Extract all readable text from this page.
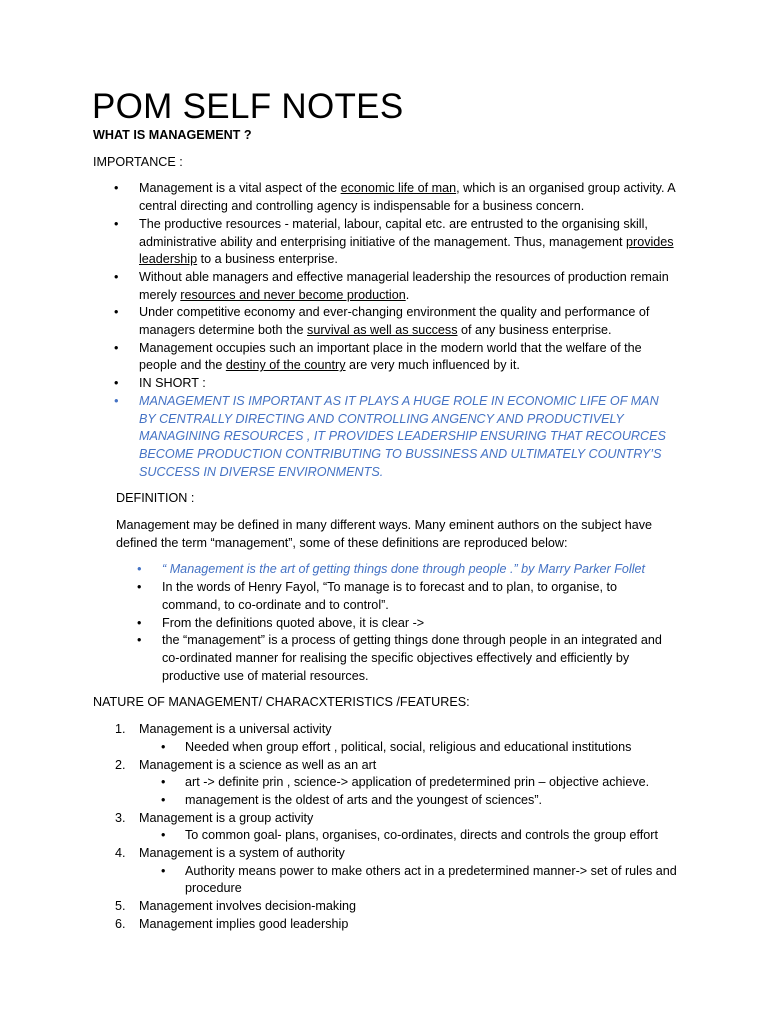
POM SELF NOTES

WHAT IS MANAGEMENT ?

IMPORTANCE :

• Management is a vital aspect of the economic life of man, which is an organised group activity. A central directing and controlling agency is indispensable for a business concern.
• The productive resources - material, labour, capital etc. are entrusted to the organising skill, administrative ability and enterprising initiative of the management. Thus, management provides leadership to a business enterprise.
• Without able managers and effective managerial leadership the resources of production remain merely resources and never become production.
• Under competitive economy and ever-changing environment the quality and performance of managers determine both the survival as well as success of any business enterprise.
• Management occupies such an important place in the modern world that the welfare of the people and the destiny of the country are very much influenced by it.
• IN SHORT :
• MANAGEMENT IS IMPORTANT AS IT PLAYS A HUGE ROLE IN ECONOMIC LIFE OF MAN BY CENTRALLY DIRECTING AND CONTROLLING ANGENCY AND PRODUCTIVELY MANAGINING RESOURCES , IT PROVIDES LEADERSHIP ENSURING THAT RECOURCES BECOME PRODUCTION CONTRIBUTING TO BUSSINESS AND ULTIMATELY COUNTRY’S SUCCESS IN DIVERSE ENVIRONMENTS.

DEFINITION :

Management may be defined in many different ways. Many eminent authors on the subject have defined the term “management”, some of these definitions are reproduced below:

• “ Management is the art of getting things done through people .” by Marry Parker Follet
• In the words of Henry Fayol, “To manage is to forecast and to plan, to organise, to command, to co-ordinate and to control”.
• From the definitions quoted above, it is clear ->
• the “management” is a process of getting things done through people in an integrated and co-ordinated manner for realising the specific objectives effectively and efficiently by productive use of material resources.

NATURE OF MANAGEMENT/ CHARACXTERISTICS /FEATURES:

1. Management is a universal activity
• Needed when group effort , political, social, religious and educational institutions
2. Management is a science as well as an art
• art -> definite prin , science-> application of predetermined prin – objective achieve.
• management is the oldest of arts and the youngest of sciences”.
3. Management is a group activity
• To common goal- plans, organises, co-ordinates, directs and controls the group effort
4. Management is a system of authority
• Authority means power to make others act in a predetermined manner-> set of rules and procedure
5. Management involves decision-making
6. Management implies good leadership
